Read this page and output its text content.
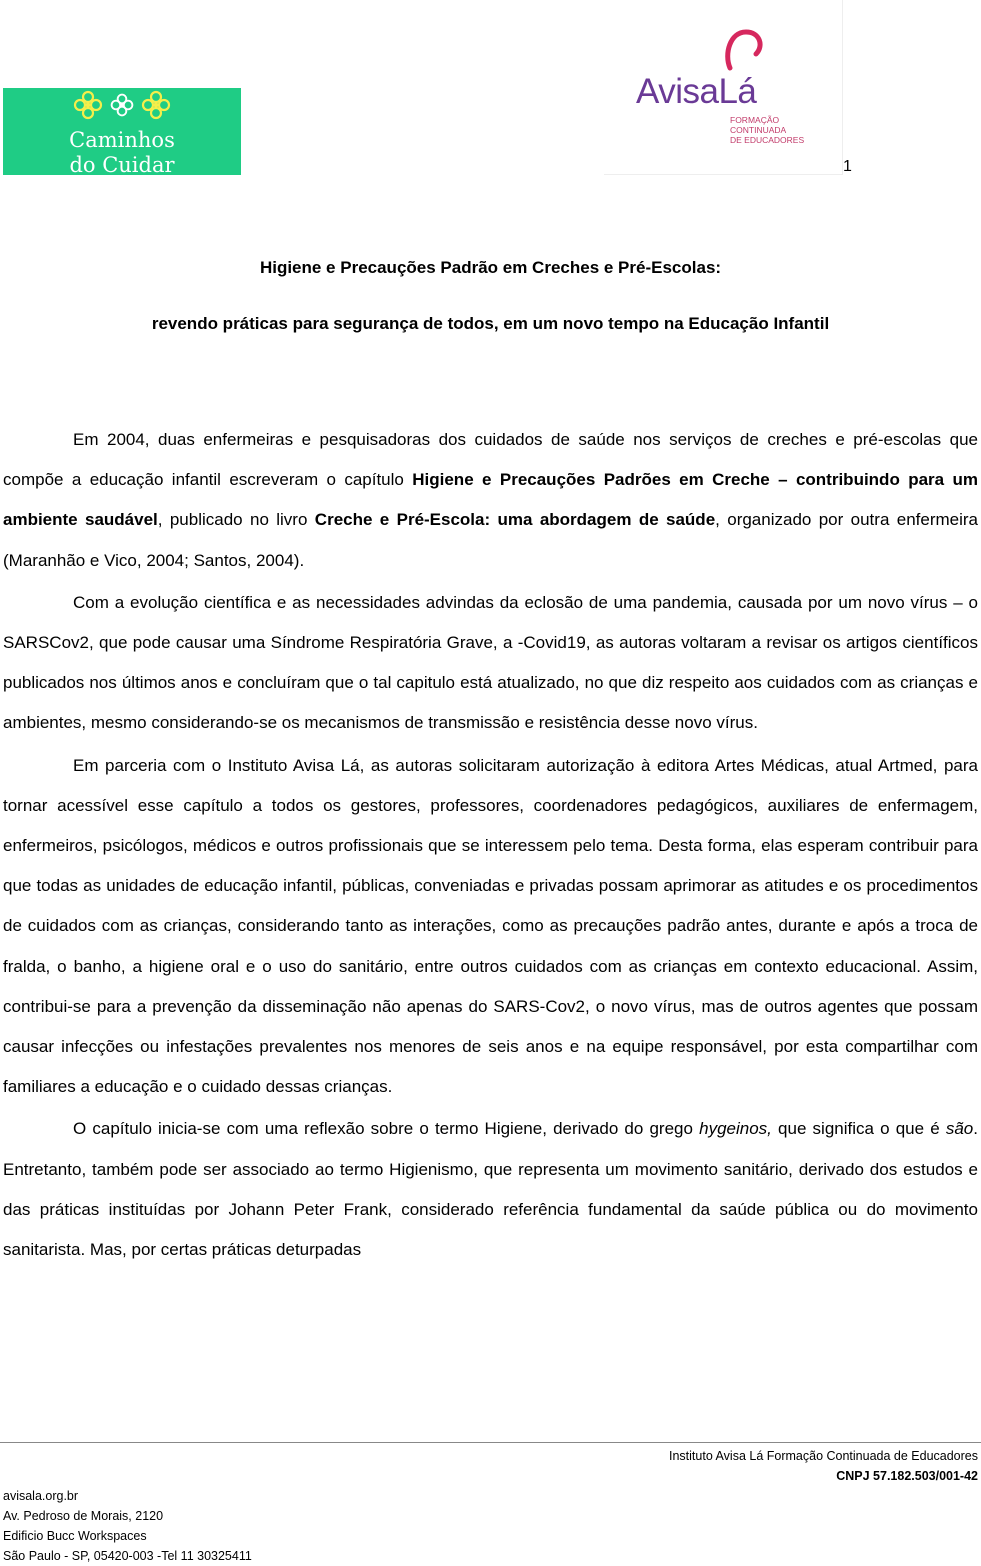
Caminhos
do Cuidar
AvisaLá
FORMAÇÃO
CONTINUADA
DE EDUCADORES
1
Higiene e Precauções Padrão em Creches e Pré-Escolas:
revendo práticas para segurança de todos, em um novo tempo na Educação Infantil

Em 2004, duas enfermeiras e pesquisadoras dos cuidados de saúde nos serviços de creches e pré-escolas que compõe a educação infantil escreveram o capítulo Higiene e Precauções Padrões em Creche – contribuindo para um ambiente saudável, publicado no livro Creche e Pré-Escola: uma abordagem de saúde, organizado por outra enfermeira (Maranhão e Vico, 2004; Santos, 2004).

Com a evolução científica e as necessidades advindas da eclosão de uma pandemia, causada por um novo vírus – o SARSCov2, que pode causar uma Síndrome Respiratória Grave, a -Covid19, as autoras voltaram a revisar os artigos científicos publicados nos últimos anos e concluíram que o tal capitulo está atualizado, no que diz respeito aos cuidados com as crianças e ambientes, mesmo considerando-se os mecanismos de transmissão e resistência desse novo vírus.

Em parceria com o Instituto Avisa Lá, as autoras solicitaram autorização à editora Artes Médicas, atual Artmed, para tornar acessível esse capítulo a todos os gestores, professores, coordenadores pedagógicos, auxiliares de enfermagem, enfermeiros, psicólogos, médicos e outros profissionais que se interessem pelo tema. Desta forma, elas esperam contribuir para que todas as unidades de educação infantil, públicas, conveniadas e privadas possam aprimorar as atitudes e os procedimentos de cuidados com as crianças, considerando tanto as interações, como as precauções padrão antes, durante e após a troca de fralda, o banho, a higiene oral e o uso do sanitário, entre outros cuidados com as crianças em contexto educacional. Assim, contribui-se para a prevenção da disseminação não apenas do SARS-Cov2, o novo vírus, mas de outros agentes que possam causar infecções ou infestações prevalentes nos menores de seis anos e na equipe responsável, por esta compartilhar com familiares a educação e o cuidado dessas crianças.

O capítulo inicia-se com uma reflexão sobre o termo Higiene, derivado do grego hygeinos, que significa o que é são. Entretanto, também pode ser associado ao termo Higienismo, que representa um movimento sanitário, derivado dos estudos e das práticas instituídas por Johann Peter Frank, considerado referência fundamental da saúde pública ou do movimento sanitarista. Mas, por certas práticas deturpadas

Instituto Avisa Lá Formação Continuada de Educadores
CNPJ 57.182.503/001-42
avisala.org.br
Av. Pedroso de Morais, 2120
Edificio Bucc Workspaces
São Paulo - SP, 05420-003 -Tel 11 30325411
